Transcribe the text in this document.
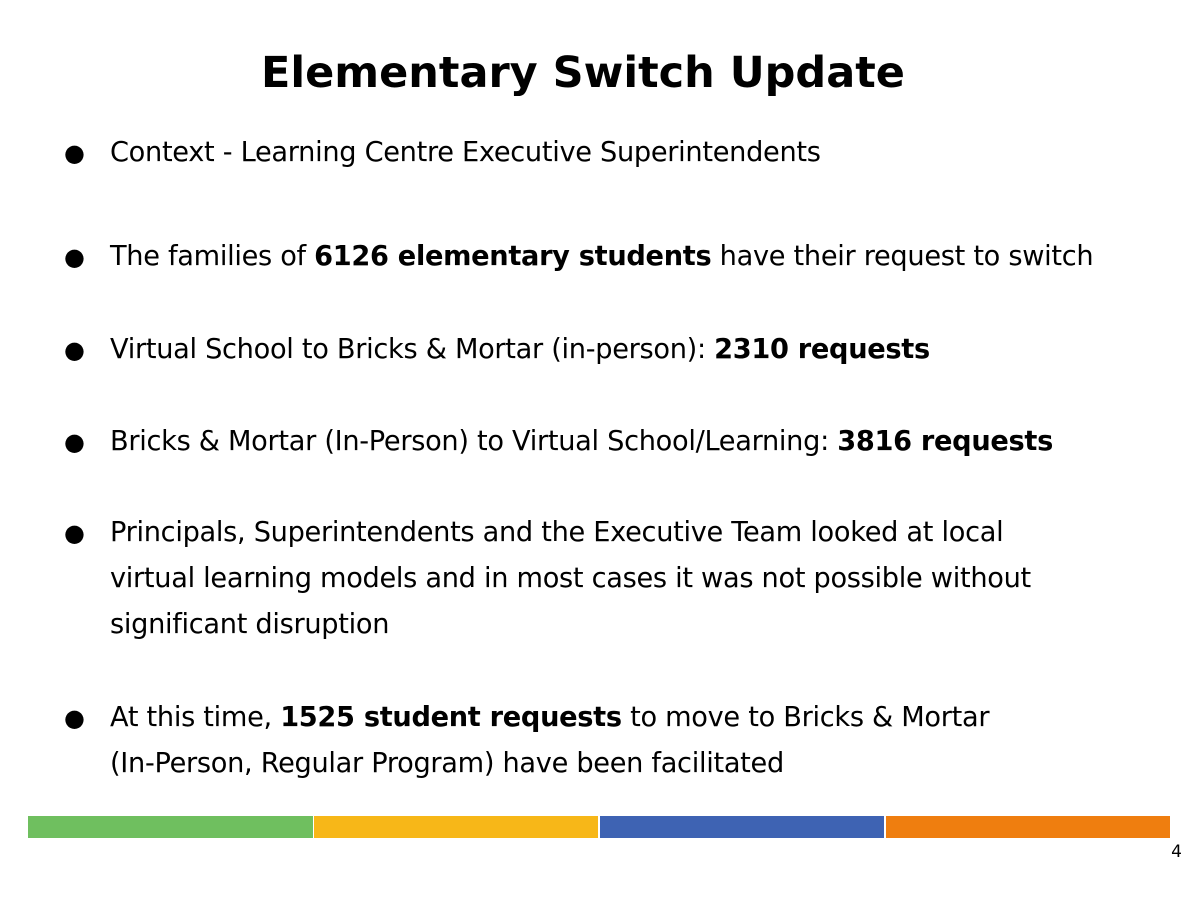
Elementary Switch Update
● Context - Learning Centre Executive Superintendents
● The families of 6126 elementary students have their request to switch
● Virtual School to Bricks & Mortar (in-person): 2310 requests
● Bricks & Mortar (In-Person) to Virtual School/Learning: 3816 requests
● Principals, Superintendents and the Executive Team looked at local virtual learning models and in most cases it was not possible without significant disruption
● At this time, 1525 student requests to move to Bricks & Mortar (In-Person, Regular Program) have been facilitated
4
